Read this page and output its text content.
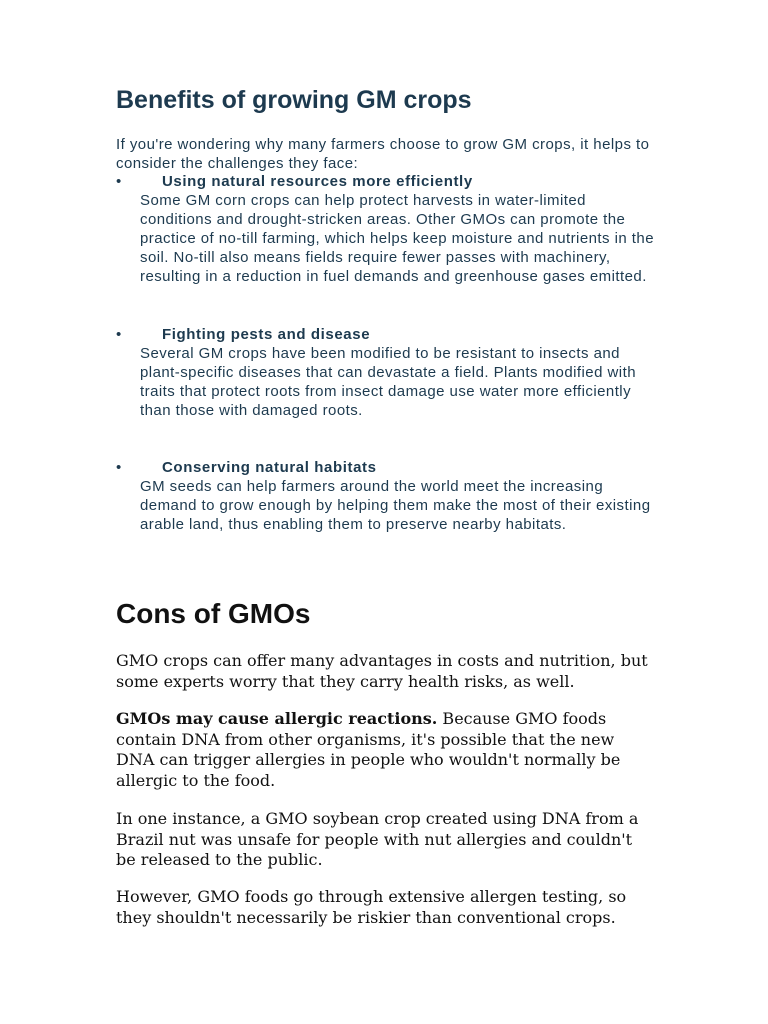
Benefits of growing GM crops

If you're wondering why many farmers choose to grow GM crops, it helps to consider the challenges they face:

•	Using natural resources more efficiently

Some GM corn crops can help protect harvests in water-limited conditions and drought-stricken areas. Other GMOs can promote the practice of no-till farming, which helps keep moisture and nutrients in the soil. No-till also means fields require fewer passes with machinery, resulting in a reduction in fuel demands and greenhouse gases emitted.

•	Fighting pests and disease

Several GM crops have been modified to be resistant to insects and plant-specific diseases that can devastate a field. Plants modified with traits that protect roots from insect damage use water more efficiently than those with damaged roots.

•	Conserving natural habitats

GM seeds can help farmers around the world meet the increasing demand to grow enough by helping them make the most of their existing arable land, thus enabling them to preserve nearby habitats.

Cons of GMOs

GMO crops can offer many advantages in costs and nutrition, but some experts worry that they carry health risks, as well.

GMOs may cause allergic reactions. Because GMO foods contain DNA from other organisms, it's possible that the new DNA can trigger allergies in people who wouldn't normally be allergic to the food.

In one instance, a GMO soybean crop created using DNA from a Brazil nut was unsafe for people with nut allergies and couldn't be released to the public.

However, GMO foods go through extensive allergen testing, so they shouldn't necessarily be riskier than conventional crops.
